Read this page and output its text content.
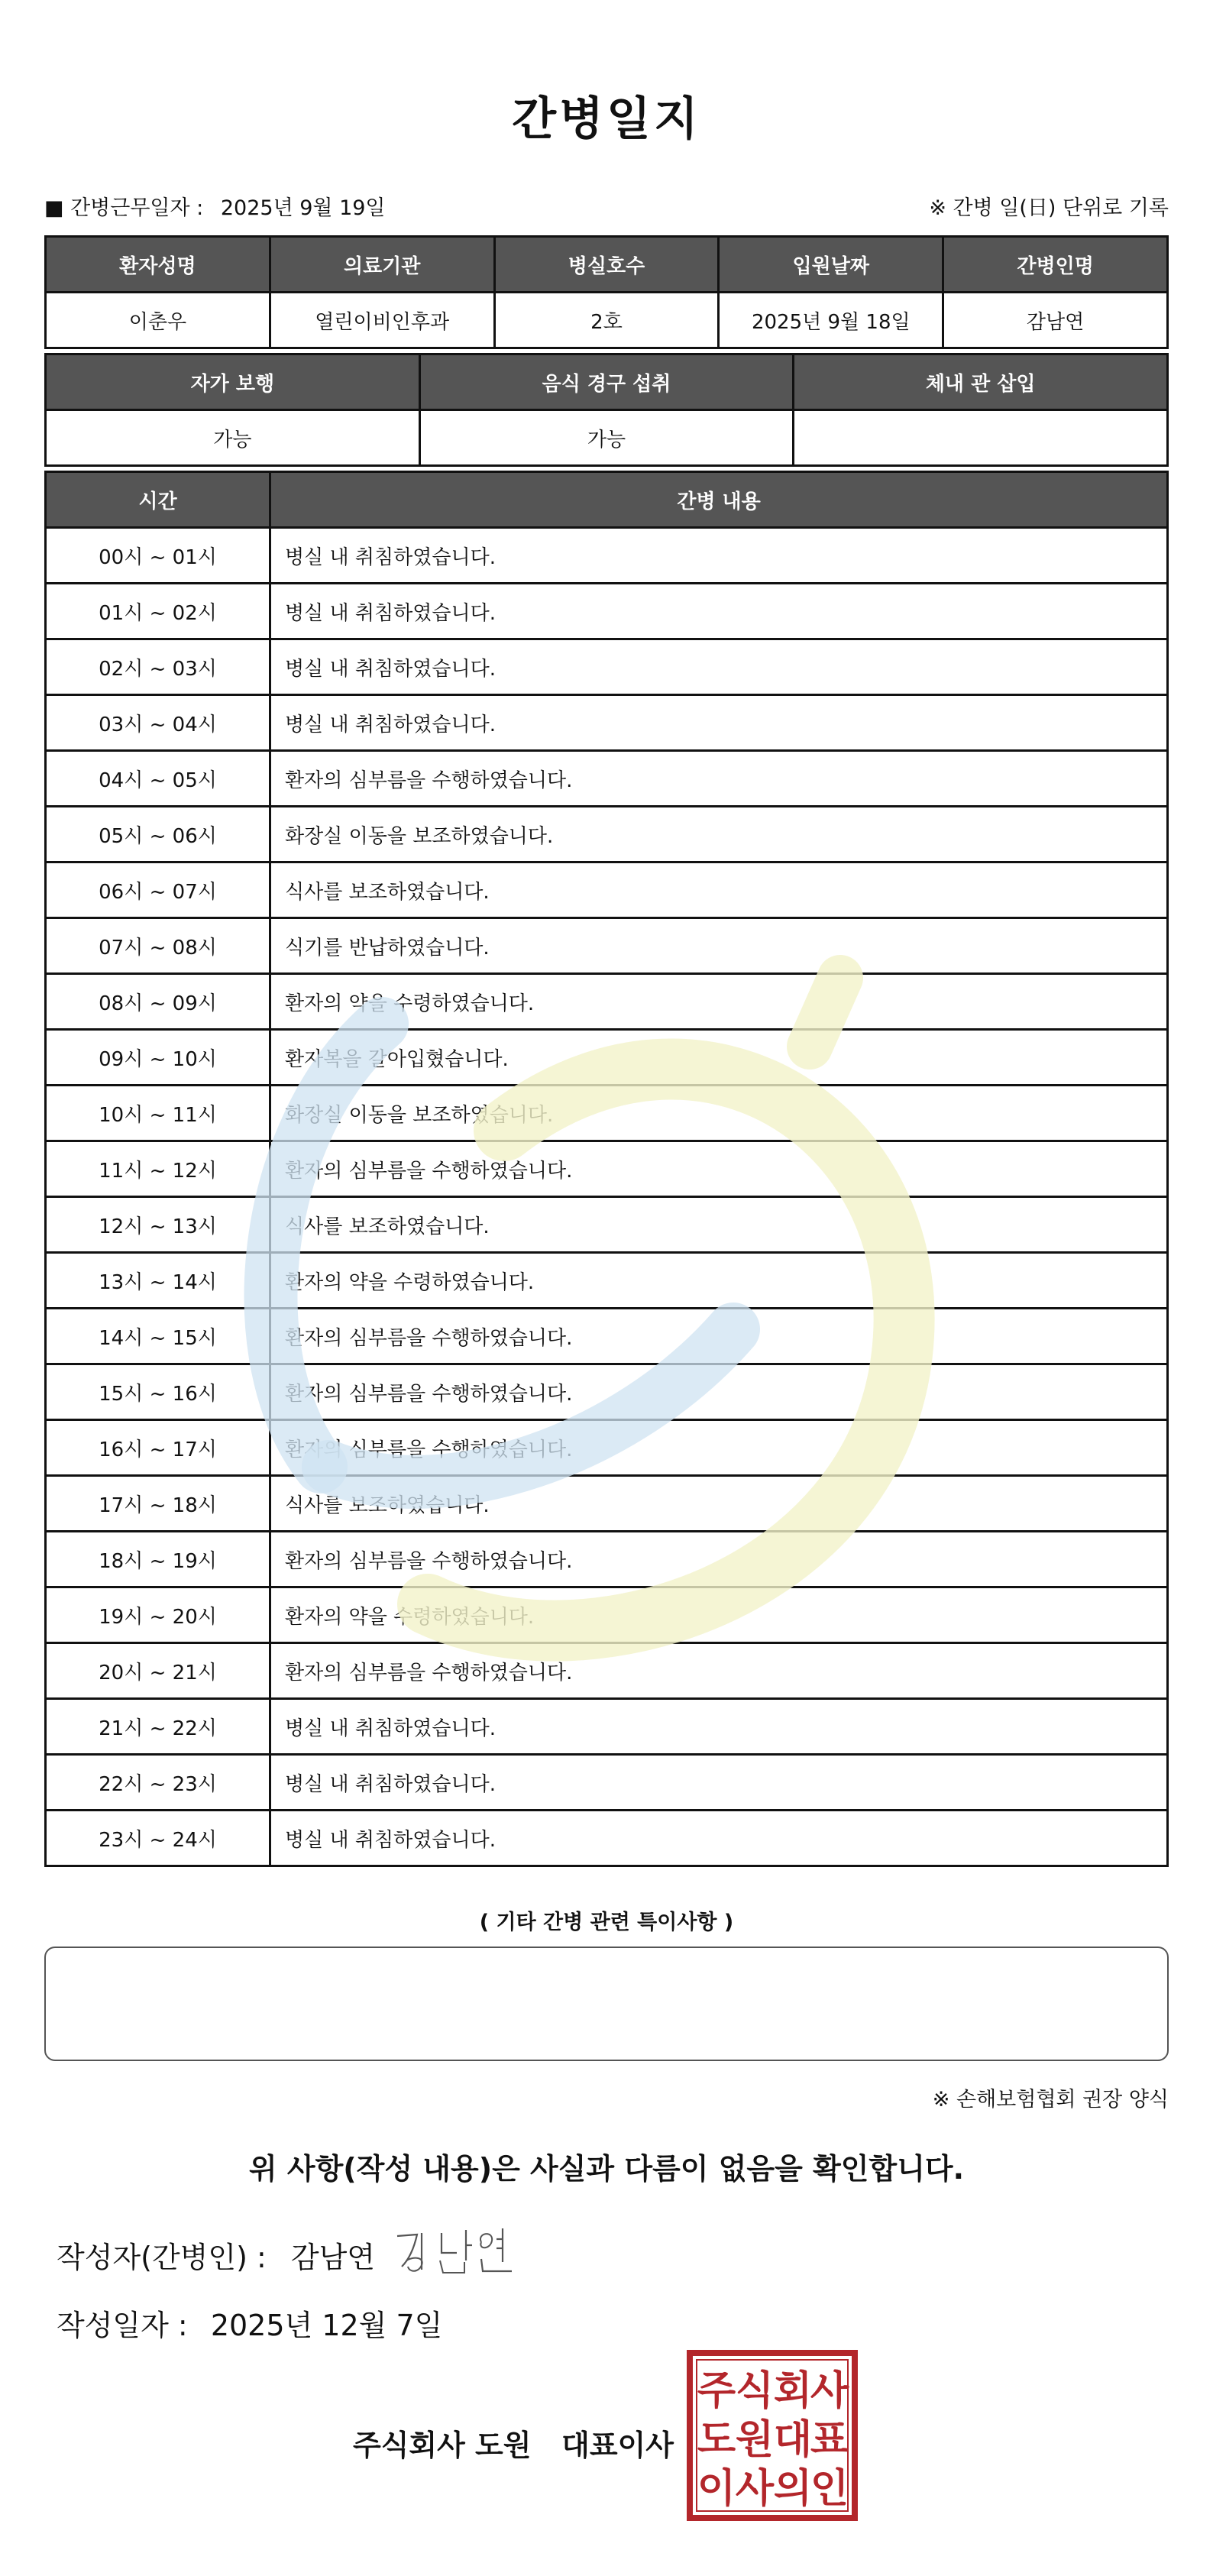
간병일지
■ 간병근무일자 : 2025년 9월 19일	※ 간병 일(日) 단위로 기록
환자성명	의료기관	병실호수	입원날짜	간병인명
이춘우	열린이비인후과	2호	2025년 9월 18일	감남연
자가 보행	음식 경구 섭취	체내 관 삽입
가능	가능	
시간	간병 내용
00시 ~ 01시	병실 내 취침하였습니다.
01시 ~ 02시	병실 내 취침하였습니다.
02시 ~ 03시	병실 내 취침하였습니다.
03시 ~ 04시	병실 내 취침하였습니다.
04시 ~ 05시	환자의 심부름을 수행하였습니다.
05시 ~ 06시	화장실 이동을 보조하였습니다.
06시 ~ 07시	식사를 보조하였습니다.
07시 ~ 08시	식기를 반납하였습니다.
08시 ~ 09시	환자의 약을 수령하였습니다.
09시 ~ 10시	환자복을 갈아입혔습니다.
10시 ~ 11시	화장실 이동을 보조하였습니다.
11시 ~ 12시	환자의 심부름을 수행하였습니다.
12시 ~ 13시	식사를 보조하였습니다.
13시 ~ 14시	환자의 약을 수령하였습니다.
14시 ~ 15시	환자의 심부름을 수행하였습니다.
15시 ~ 16시	환자의 심부름을 수행하였습니다.
16시 ~ 17시	환자의 심부름을 수행하였습니다.
17시 ~ 18시	식사를 보조하였습니다.
18시 ~ 19시	환자의 심부름을 수행하였습니다.
19시 ~ 20시	환자의 약을 수령하였습니다.
20시 ~ 21시	환자의 심부름을 수행하였습니다.
21시 ~ 22시	병실 내 취침하였습니다.
22시 ~ 23시	병실 내 취침하였습니다.
23시 ~ 24시	병실 내 취침하였습니다.
( 기타 간병 관련 특이사항 )
※ 손해보험협회 권장 양식
위 사항(작성 내용)은 사실과 다름이 없음을 확인합니다.
작성자(간병인) : 감남연
작성일자 : 2025년 12월 7일
주식회사 도원   대표이사
주 식 회
사
도 원 대
표
이 사 의
인
